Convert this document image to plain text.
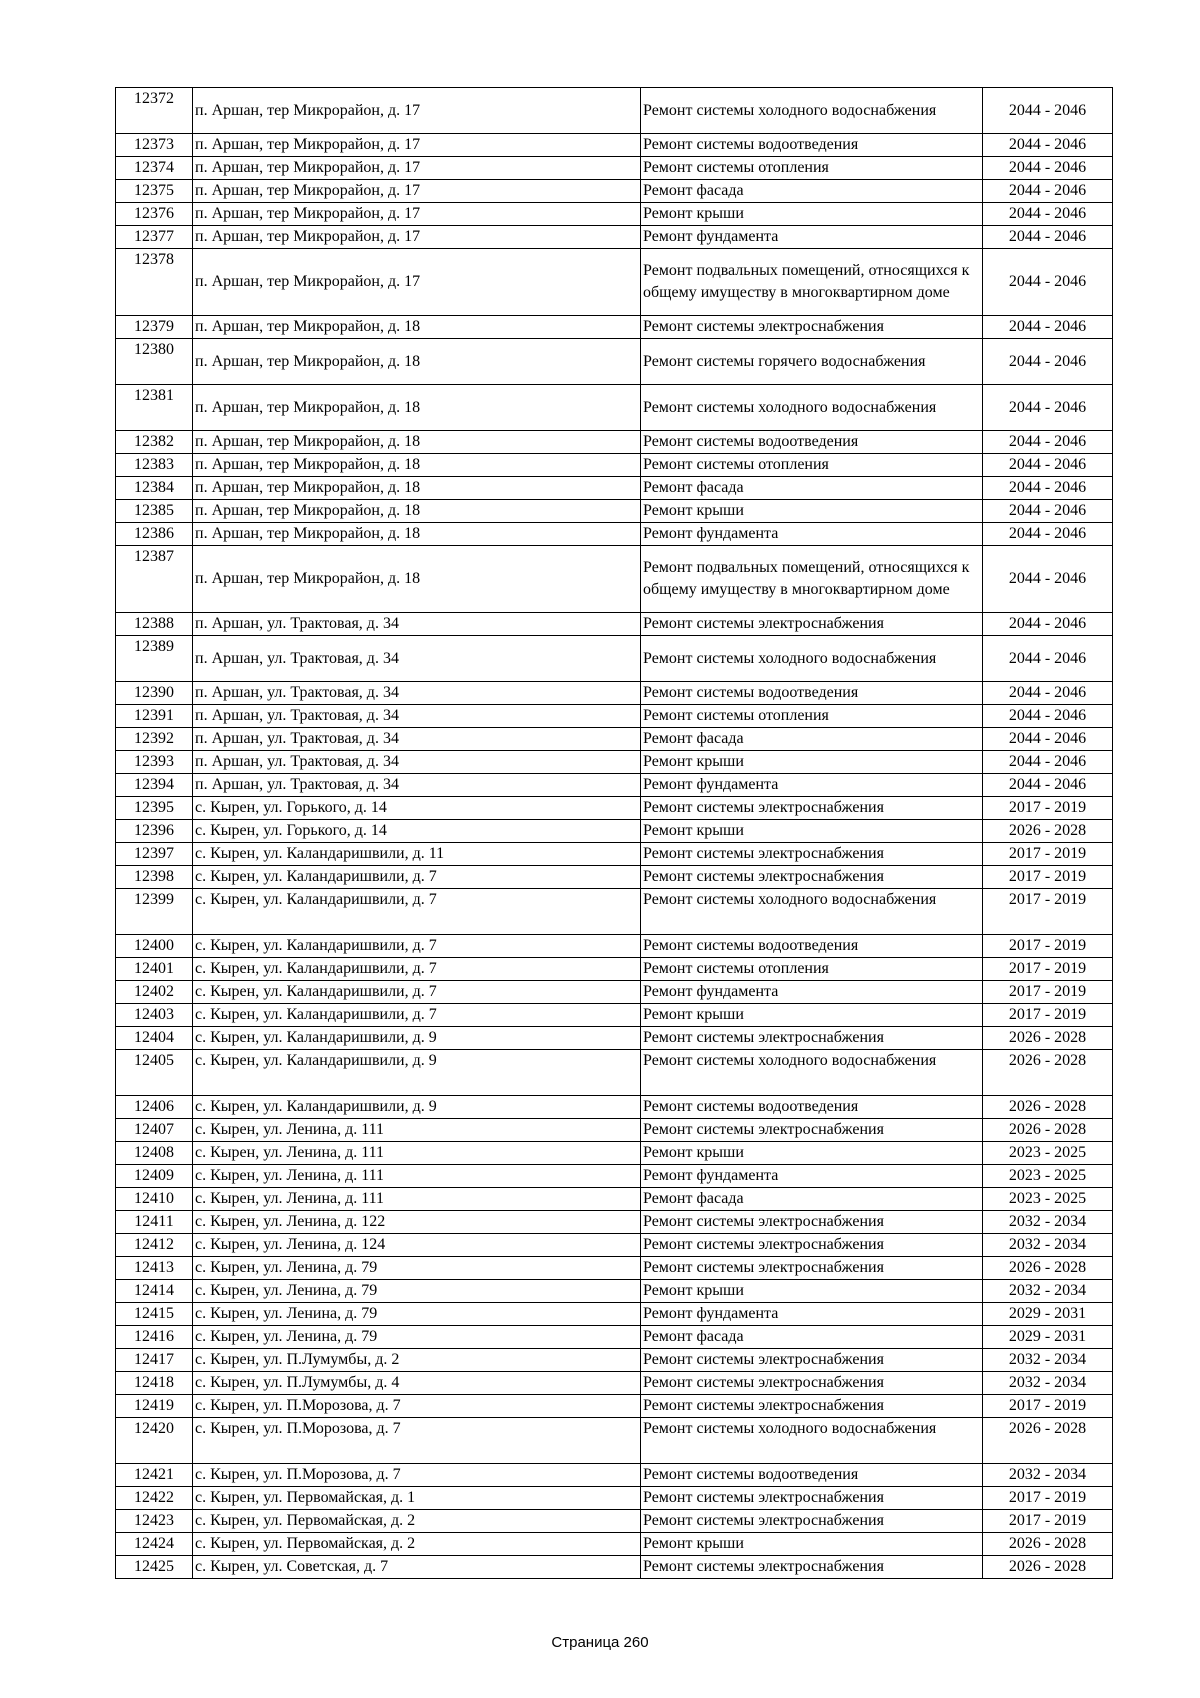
12372	п. Аршан, тер Микрорайон, д. 17	Ремонт системы холодного водоснабжения	2044 - 2046
12373	п. Аршан, тер Микрорайон, д. 17	Ремонт системы водоотведения	2044 - 2046
12374	п. Аршан, тер Микрорайон, д. 17	Ремонт системы отопления	2044 - 2046
12375	п. Аршан, тер Микрорайон, д. 17	Ремонт фасада	2044 - 2046
12376	п. Аршан, тер Микрорайон, д. 17	Ремонт крыши	2044 - 2046
12377	п. Аршан, тер Микрорайон, д. 17	Ремонт фундамента	2044 - 2046
12378	п. Аршан, тер Микрорайон, д. 17	Ремонт подвальных помещений, относящихся к общему имуществу в многоквартирном доме	2044 - 2046
12379	п. Аршан, тер Микрорайон, д. 18	Ремонт системы электроснабжения	2044 - 2046
12380	п. Аршан, тер Микрорайон, д. 18	Ремонт системы горячего водоснабжения	2044 - 2046
12381	п. Аршан, тер Микрорайон, д. 18	Ремонт системы холодного водоснабжения	2044 - 2046
12382	п. Аршан, тер Микрорайон, д. 18	Ремонт системы водоотведения	2044 - 2046
12383	п. Аршан, тер Микрорайон, д. 18	Ремонт системы отопления	2044 - 2046
12384	п. Аршан, тер Микрорайон, д. 18	Ремонт фасада	2044 - 2046
12385	п. Аршан, тер Микрорайон, д. 18	Ремонт крыши	2044 - 2046
12386	п. Аршан, тер Микрорайон, д. 18	Ремонт фундамента	2044 - 2046
12387	п. Аршан, тер Микрорайон, д. 18	Ремонт подвальных помещений, относящихся к общему имуществу в многоквартирном доме	2044 - 2046
12388	п. Аршан, ул. Трактовая, д. 34	Ремонт системы электроснабжения	2044 - 2046
12389	п. Аршан, ул. Трактовая, д. 34	Ремонт системы холодного водоснабжения	2044 - 2046
12390	п. Аршан, ул. Трактовая, д. 34	Ремонт системы водоотведения	2044 - 2046
12391	п. Аршан, ул. Трактовая, д. 34	Ремонт системы отопления	2044 - 2046
12392	п. Аршан, ул. Трактовая, д. 34	Ремонт фасада	2044 - 2046
12393	п. Аршан, ул. Трактовая, д. 34	Ремонт крыши	2044 - 2046
12394	п. Аршан, ул. Трактовая, д. 34	Ремонт фундамента	2044 - 2046
12395	с. Кырен, ул. Горького, д. 14	Ремонт системы электроснабжения	2017 - 2019
12396	с. Кырен, ул. Горького, д. 14	Ремонт крыши	2026 - 2028
12397	с. Кырен, ул. Каландаришвили, д. 11	Ремонт системы электроснабжения	2017 - 2019
12398	с. Кырен, ул. Каландаришвили, д. 7	Ремонт системы электроснабжения	2017 - 2019
12399	с. Кырен, ул. Каландаришвили, д. 7	Ремонт системы холодного водоснабжения	2017 - 2019
12400	с. Кырен, ул. Каландаришвили, д. 7	Ремонт системы водоотведения	2017 - 2019
12401	с. Кырен, ул. Каландаришвили, д. 7	Ремонт системы отопления	2017 - 2019
12402	с. Кырен, ул. Каландаришвили, д. 7	Ремонт фундамента	2017 - 2019
12403	с. Кырен, ул. Каландаришвили, д. 7	Ремонт крыши	2017 - 2019
12404	с. Кырен, ул. Каландаришвили, д. 9	Ремонт системы электроснабжения	2026 - 2028
12405	с. Кырен, ул. Каландаришвили, д. 9	Ремонт системы холодного водоснабжения	2026 - 2028
12406	с. Кырен, ул. Каландаришвили, д. 9	Ремонт системы водоотведения	2026 - 2028
12407	с. Кырен, ул. Ленина, д. 111	Ремонт системы электроснабжения	2026 - 2028
12408	с. Кырен, ул. Ленина, д. 111	Ремонт крыши	2023 - 2025
12409	с. Кырен, ул. Ленина, д. 111	Ремонт фундамента	2023 - 2025
12410	с. Кырен, ул. Ленина, д. 111	Ремонт фасада	2023 - 2025
12411	с. Кырен, ул. Ленина, д. 122	Ремонт системы электроснабжения	2032 - 2034
12412	с. Кырен, ул. Ленина, д. 124	Ремонт системы электроснабжения	2032 - 2034
12413	с. Кырен, ул. Ленина, д. 79	Ремонт системы электроснабжения	2026 - 2028
12414	с. Кырен, ул. Ленина, д. 79	Ремонт крыши	2032 - 2034
12415	с. Кырен, ул. Ленина, д. 79	Ремонт фундамента	2029 - 2031
12416	с. Кырен, ул. Ленина, д. 79	Ремонт фасада	2029 - 2031
12417	с. Кырен, ул. П.Лумумбы, д. 2	Ремонт системы электроснабжения	2032 - 2034
12418	с. Кырен, ул. П.Лумумбы, д. 4	Ремонт системы электроснабжения	2032 - 2034
12419	с. Кырен, ул. П.Морозова, д. 7	Ремонт системы электроснабжения	2017 - 2019
12420	с. Кырен, ул. П.Морозова, д. 7	Ремонт системы холодного водоснабжения	2026 - 2028
12421	с. Кырен, ул. П.Морозова, д. 7	Ремонт системы водоотведения	2032 - 2034
12422	с. Кырен, ул. Первомайская, д. 1	Ремонт системы электроснабжения	2017 - 2019
12423	с. Кырен, ул. Первомайская, д. 2	Ремонт системы электроснабжения	2017 - 2019
12424	с. Кырен, ул. Первомайская, д. 2	Ремонт крыши	2026 - 2028
12425	с. Кырен, ул. Советская, д. 7	Ремонт системы электроснабжения	2026 - 2028
Страница 260
